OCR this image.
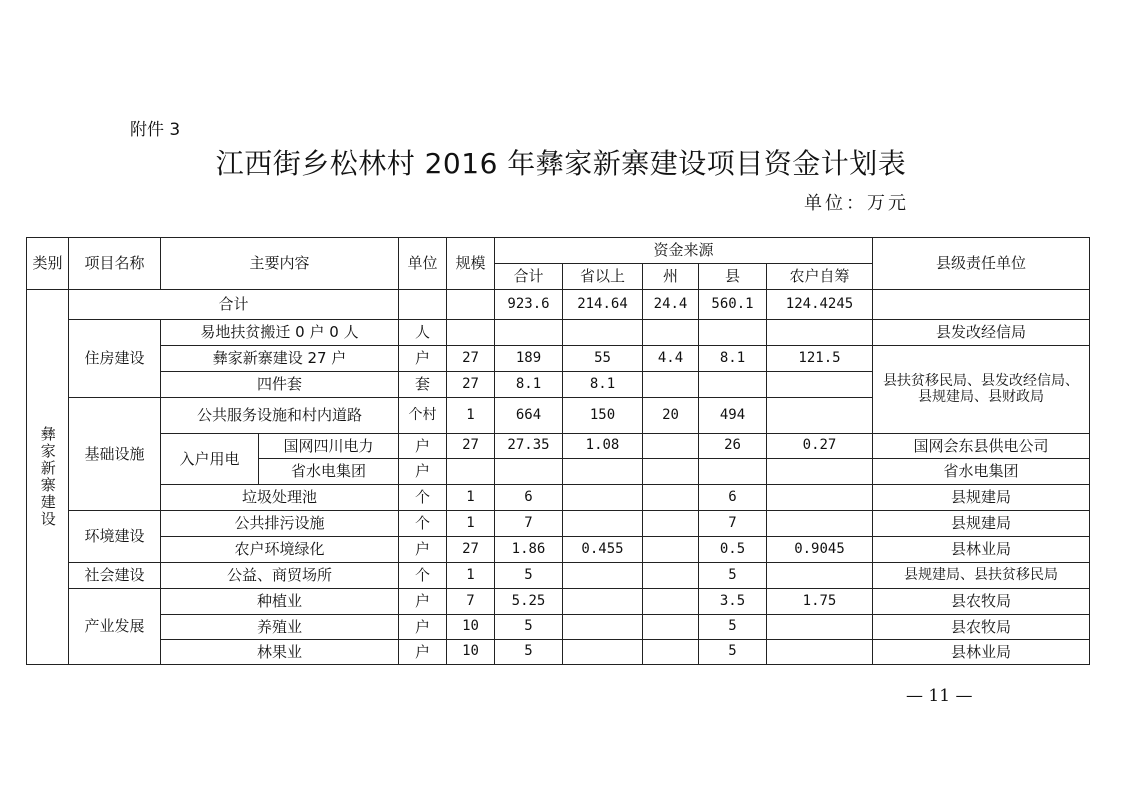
附件 3
江西街乡松林村 2016 年彝家新寨建设项目资金计划表
单位：万元
类别	项目名称	主要内容		单位	规模	资金来源					县级责任单位
						合计	省以上	州	县	农户自筹	
彝家新寨建设	合计					923.6	214.64	24.4	560.1	124.4245	
	住房建设	易地扶贫搬迁 0 户 0 人		人							县发改经信局
		彝家新寨建设 27 户		户	27	189	55	4.4	8.1	121.5	县扶贫移民局、县发改经信局、县规建局、县财政局
		四件套		套	27	8.1	8.1				
	基础设施	公共服务设施和村内道路		个村	1	664	150	20	494		
		入户用电	国网四川电力	户	27	27.35	1.08		26	0.27	国网会东县供电公司
			省水电集团	户							省水电集团
		垃圾处理池		个	1	6			6		县规建局
	环境建设	公共排污设施		个	1	7			7		县规建局
		农户环境绿化		户	27	1.86	0.455		0.5	0.9045	县林业局
	社会建设	公益、商贸场所		个	1	5			5		县规建局、县扶贫移民局
	产业发展	种植业		户	7	5.25			3.5	1.75	县农牧局
		养殖业		户	10	5			5		县农牧局
		林果业		户	10	5			5		县林业局
— 11 —
